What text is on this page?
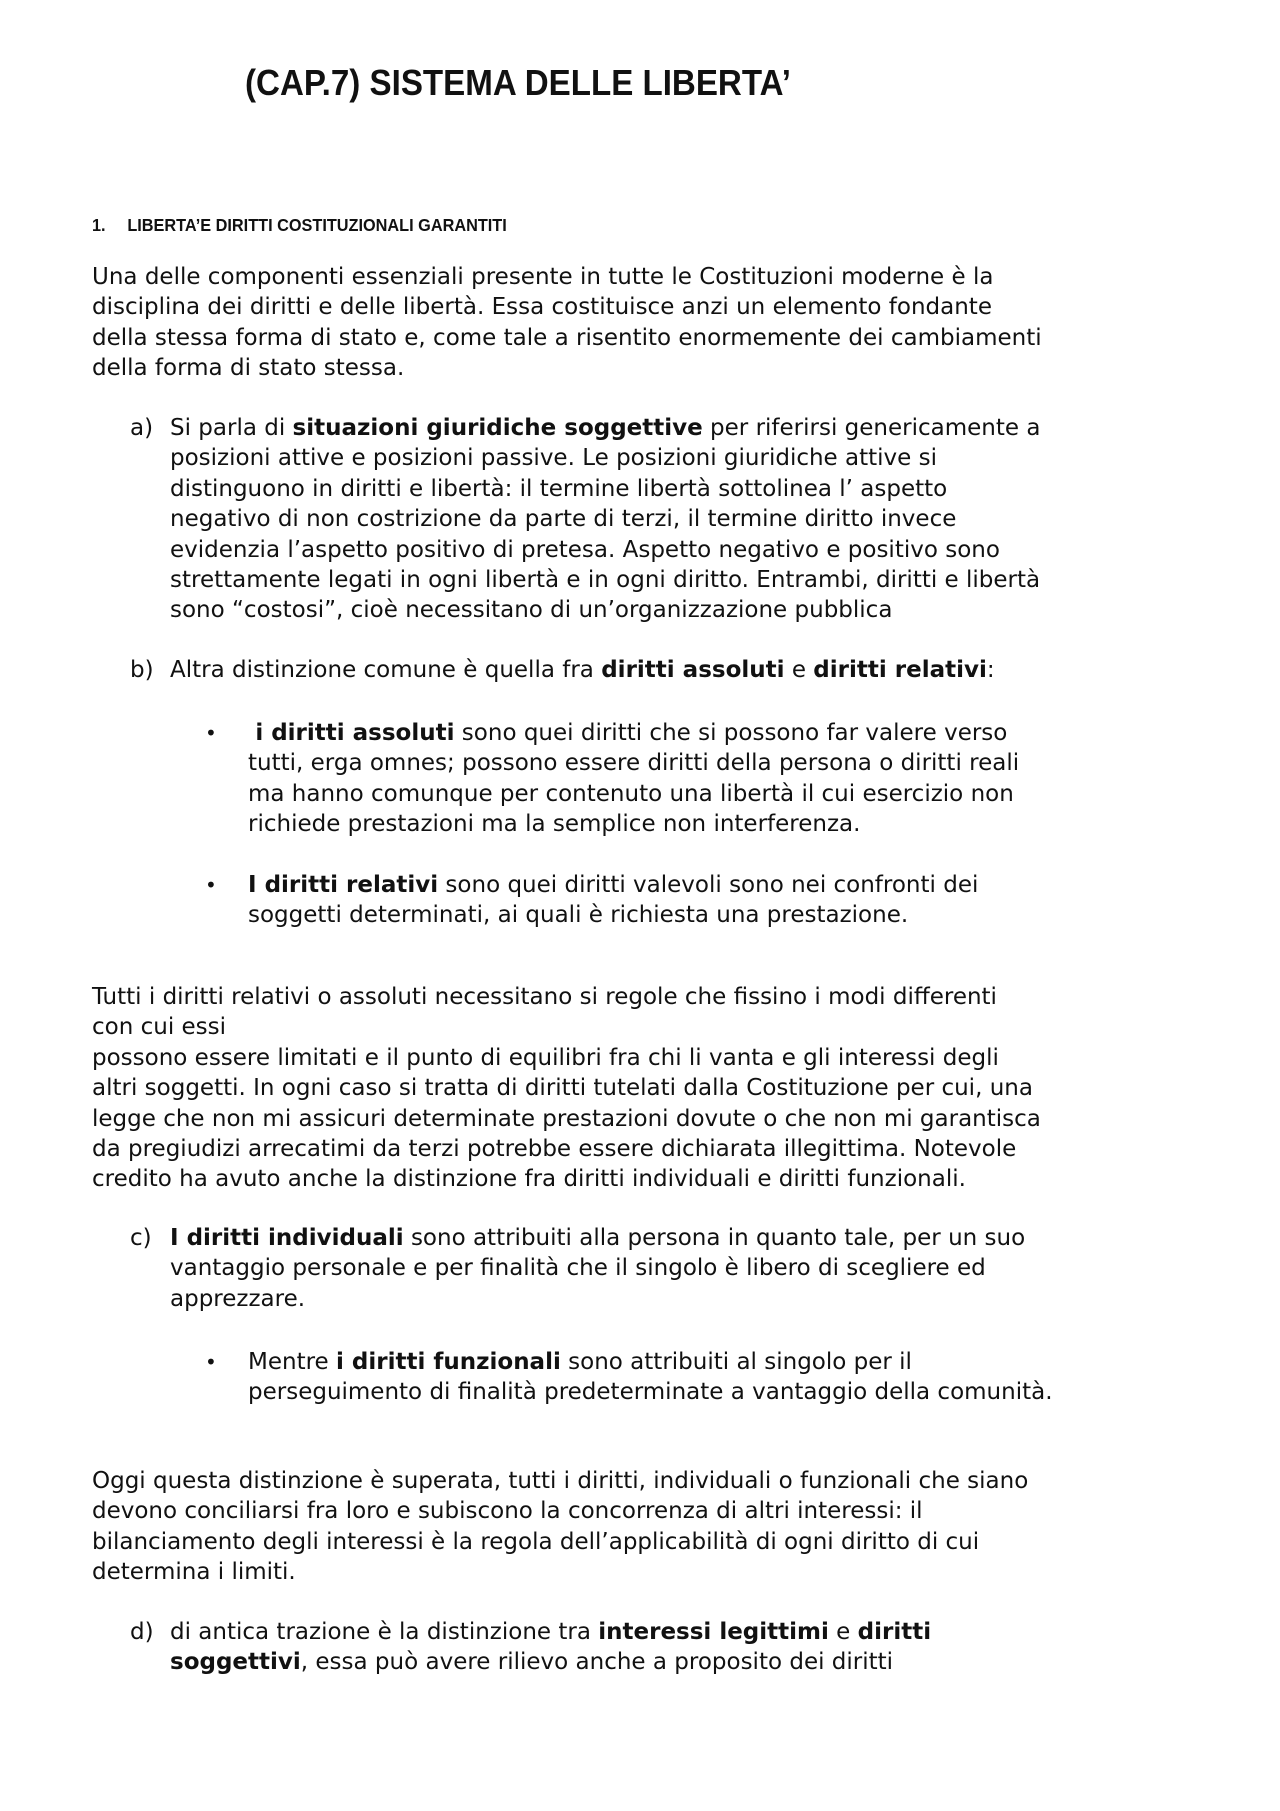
(CAP.7) SISTEMA DELLE LIBERTA’
1. LIBERTA’E DIRITTI COSTITUZIONALI GARANTITI
Una delle componenti essenziali presente in tutte le Costituzioni moderne è la
disciplina dei diritti e delle libertà. Essa costituisce anzi un elemento fondante
della stessa forma di stato e, come tale a risentito enormemente dei cambiamenti
della forma di stato stessa.
a) Si parla di situazioni giuridiche soggettive per riferirsi genericamente a
posizioni attive e posizioni passive. Le posizioni giuridiche attive si
distinguono in diritti e libertà: il termine libertà sottolinea l’ aspetto
negativo di non costrizione da parte di terzi, il termine diritto invece
evidenzia l’aspetto positivo di pretesa. Aspetto negativo e positivo sono
strettamente legati in ogni libertà e in ogni diritto. Entrambi, diritti e libertà
sono “costosi”, cioè necessitano di un’organizzazione pubblica
b) Altra distinzione comune è quella fra diritti assoluti e diritti relativi:
•	i diritti assoluti sono quei diritti che si possono far valere verso
tutti, erga omnes; possono essere diritti della persona o diritti reali
ma hanno comunque per contenuto una libertà il cui esercizio non
richiede prestazioni ma la semplice non interferenza.
• I diritti relativi sono quei diritti valevoli sono nei confronti dei
soggetti determinati, ai quali è richiesta una prestazione.
Tutti i diritti relativi o assoluti necessitano si regole che fissino i modi differenti
con cui essi
possono essere limitati e il punto di equilibri fra chi li vanta e gli interessi degli
altri soggetti. In ogni caso si tratta di diritti tutelati dalla Costituzione per cui, una
legge che non mi assicuri determinate prestazioni dovute o che non mi garantisca
da pregiudizi arrecatimi da terzi potrebbe essere dichiarata illegittima. Notevole
credito ha avuto anche la distinzione fra diritti individuali e diritti funzionali.
c) I diritti individuali sono attribuiti alla persona in quanto tale, per un suo
vantaggio personale e per finalità che il singolo è libero di scegliere ed
apprezzare.
• Mentre i diritti funzionali sono attribuiti al singolo per il
perseguimento di finalità predeterminate a vantaggio della comunità.
Oggi questa distinzione è superata, tutti i diritti, individuali o funzionali che siano
devono conciliarsi fra loro e subiscono la concorrenza di altri interessi: il
bilanciamento degli interessi è la regola dell’applicabilità di ogni diritto di cui
determina i limiti.
d) di antica trazione è la distinzione tra interessi legittimi e diritti
soggettivi, essa può avere rilievo anche a proposito dei diritti
